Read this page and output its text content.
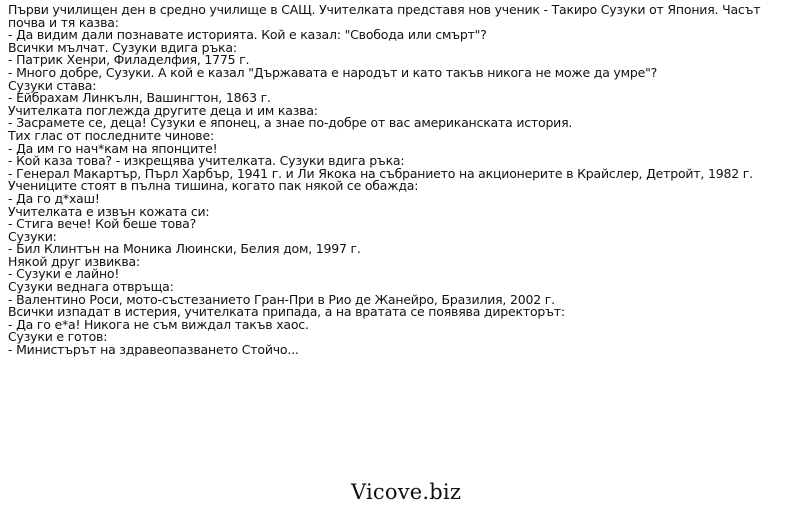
Първи училищен ден в средно училище в САЩ. Учителката представя нов ученик - Такиро Сузуки от Япония. Часът почва и тя казва:
- Да видим дали познавате историята. Кой е казал: "Свобода или смърт"?
Всички мълчат. Сузуки вдига ръка:
- Патрик Хенри, Филаделфия, 1775 г.
- Много добре, Сузуки. А кой е казал "Държавата е народът и като такъв никога не може да умре"?
Сузуки става:
- Ейбрахам Линкълн, Вашингтон, 1863 г.
Учителката поглежда другите деца и им казва:
- Засрамете се, деца! Сузуки е японец, а знае по-добре от вас американската история.
Тих глас от последните чинове:
- Да им го нач*кам на японците!
- Кой каза това? - изкрещява учителката. Сузуки вдига ръка:
- Генерал Макартър, Пърл Харбър, 1941 г. и Ли Якока на събранието на акционерите в Крайслер, Детройт, 1982 г.
Учениците стоят в пълна тишина, когато пак някой се обажда:
- Да го д*хаш!
Учителката е извън кожата си:
- Стига вече! Кой беше това?
Сузуки:
- Бил Клинтън на Моника Люински, Белия дом, 1997 г.
Някой друг извиква:
- Сузуки е лайно!
Сузуки веднага отвръща:
- Валентино Роси, мото-състезанието Гран-При в Рио де Жанейро, Бразилия, 2002 г.
Всички изпадат в истерия, учителката припада, а на вратата се появява директорът:
- Да го е*а! Никога не съм виждал такъв хаос.
Сузуки е готов:
- Министърът на здравеопазването Стойчо...
Vicove.biz
